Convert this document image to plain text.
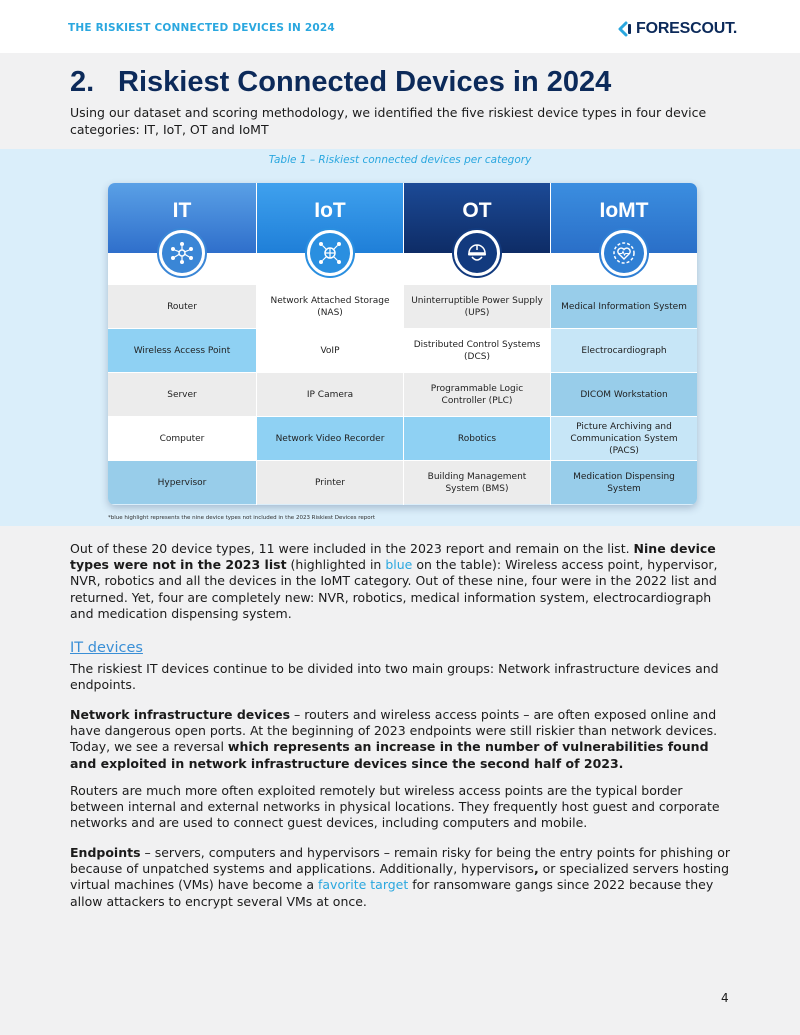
THE RISKIEST CONNECTED DEVICES IN 2024	FORESCOUT.
2. Riskiest Connected Devices in 2024
Using our dataset and scoring methodology, we identified the five riskiest device types in four device categories: IT, IoT, OT and IoMT
Table 1 – Riskiest connected devices per category
IT
Router
Wireless Access Point
Server
Computer
Hypervisor
IoT
Network Attached Storage (NAS)
VoIP
IP Camera
Network Video Recorder
Printer
OT
Uninterruptible Power Supply (UPS)
Distributed Control Systems (DCS)
Programmable Logic Controller (PLC)
Robotics
Building Management System (BMS)
IoMT
Medical Information System
Electrocardiograph
DICOM Workstation
Picture Archiving and Communication System (PACS)
Medication Dispensing System
*blue highlight represents the nine device types not included in the 2023 Riskiest Devices report
Out of these 20 device types, 11 were included in the 2023 report and remain on the list. Nine device types were not in the 2023 list (highlighted in blue on the table): Wireless access point, hypervisor, NVR, robotics and all the devices in the IoMT category. Out of these nine, four were in the 2022 list and returned. Yet, four are completely new: NVR, robotics, medical information system, electrocardiograph and medication dispensing system.
IT devices
The riskiest IT devices continue to be divided into two main groups: Network infrastructure devices and endpoints.
Network infrastructure devices – routers and wireless access points – are often exposed online and have dangerous open ports. At the beginning of 2023 endpoints were still riskier than network devices. Today, we see a reversal which represents an increase in the number of vulnerabilities found and exploited in network infrastructure devices since the second half of 2023.
Routers are much more often exploited remotely but wireless access points are the typical border between internal and external networks in physical locations. They frequently host guest and corporate networks and are used to connect guest devices, including computers and mobile.
Endpoints – servers, computers and hypervisors – remain risky for being the entry points for phishing or because of unpatched systems and applications. Additionally, hypervisors, or specialized servers hosting virtual machines (VMs) have become a favorite target for ransomware gangs since 2022 because they allow attackers to encrypt several VMs at once.
4
